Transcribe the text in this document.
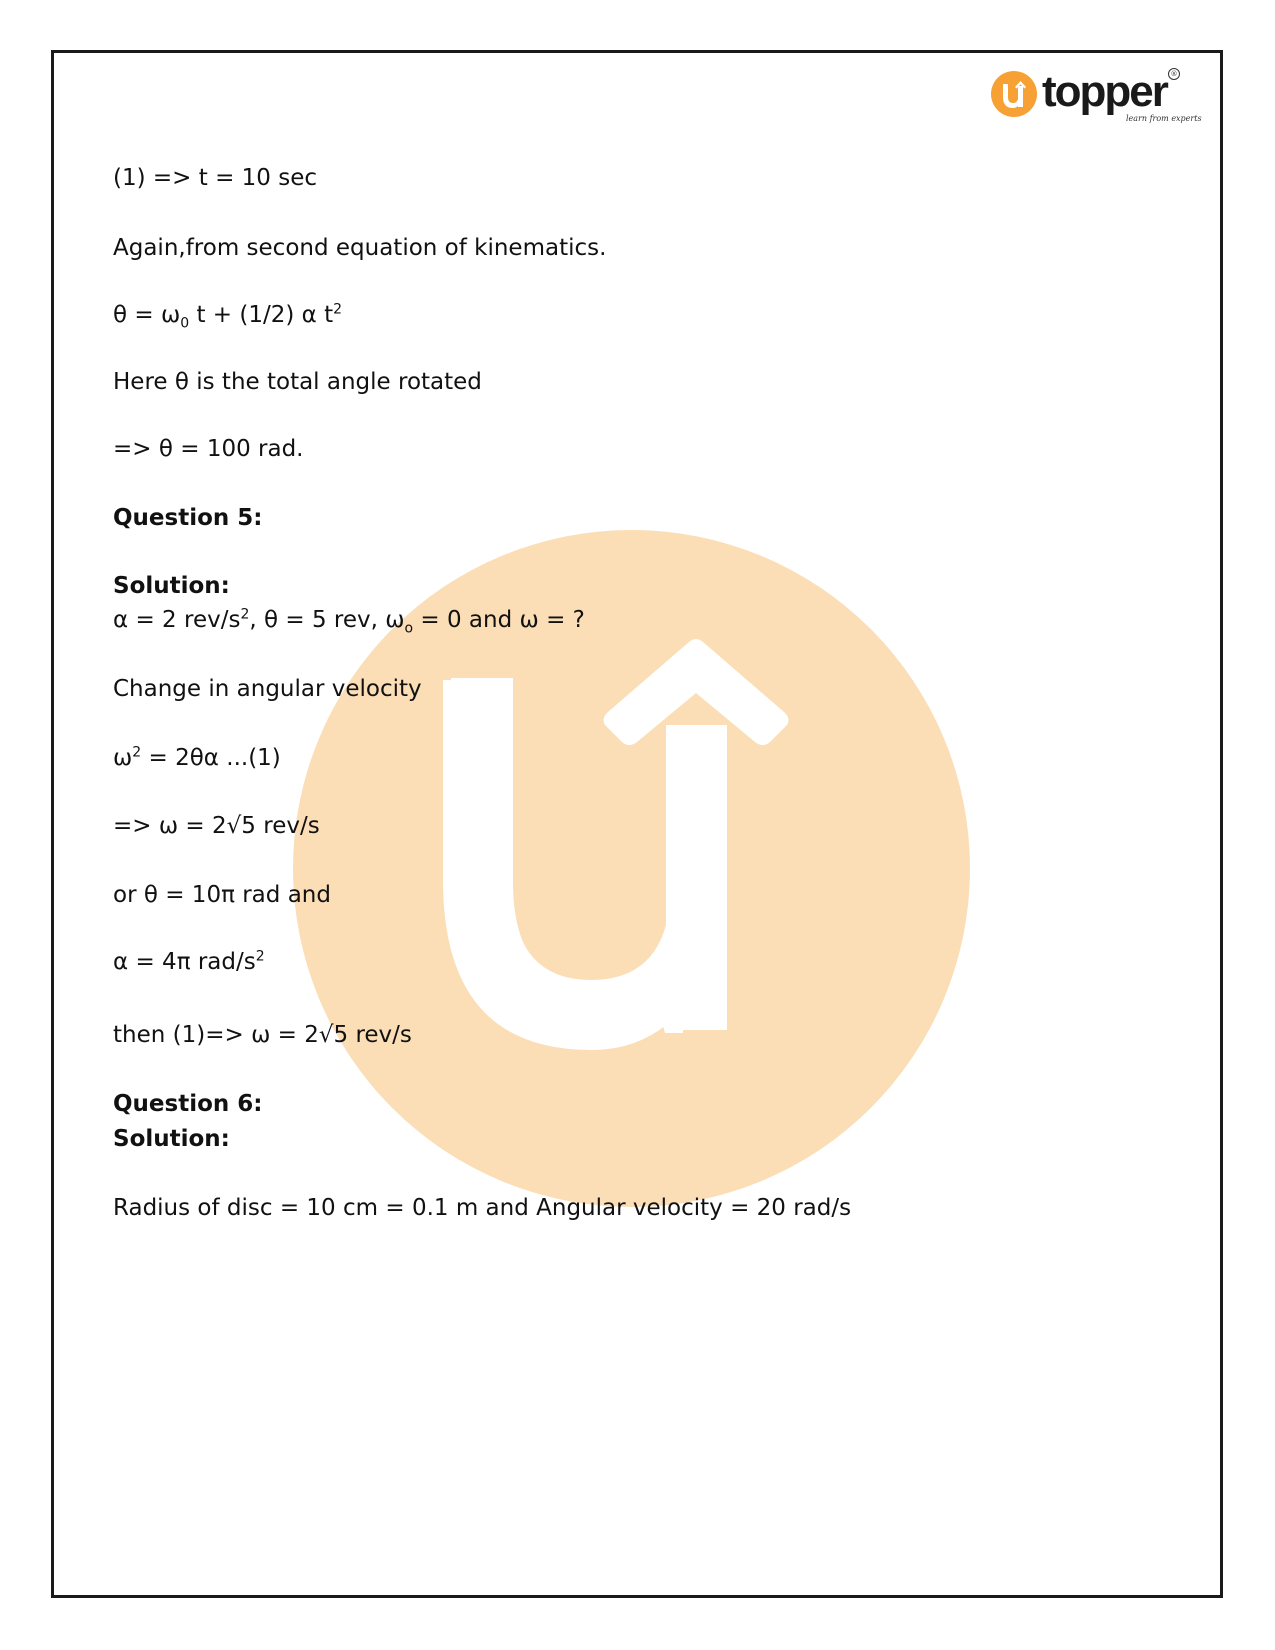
topper ®
learn from experts
(1) => t = 10 sec
Again,from second equation of kinematics.
$\theta = \omega_0$ t + (1/2) α $t^2$
Here θ is the total angle rotated
=> θ = 100 rad.
Question 5:
Solution:
α = 2 rev/$s^2$, θ = 5 rev, $\omega_o = 0$ and ω = ?
Change in angular velocity
$\omega^2 = 2\theta\alpha$ ...(1)
=> ω = 2√5 rev/s
or θ = 10π rad and
α = 4π rad/$s^2$
then (1)=> ω = 2√5 rev/s
Question 6:
Solution:
Radius of disc = 10 cm = 0.1 m and Angular velocity = 20 rad/s
